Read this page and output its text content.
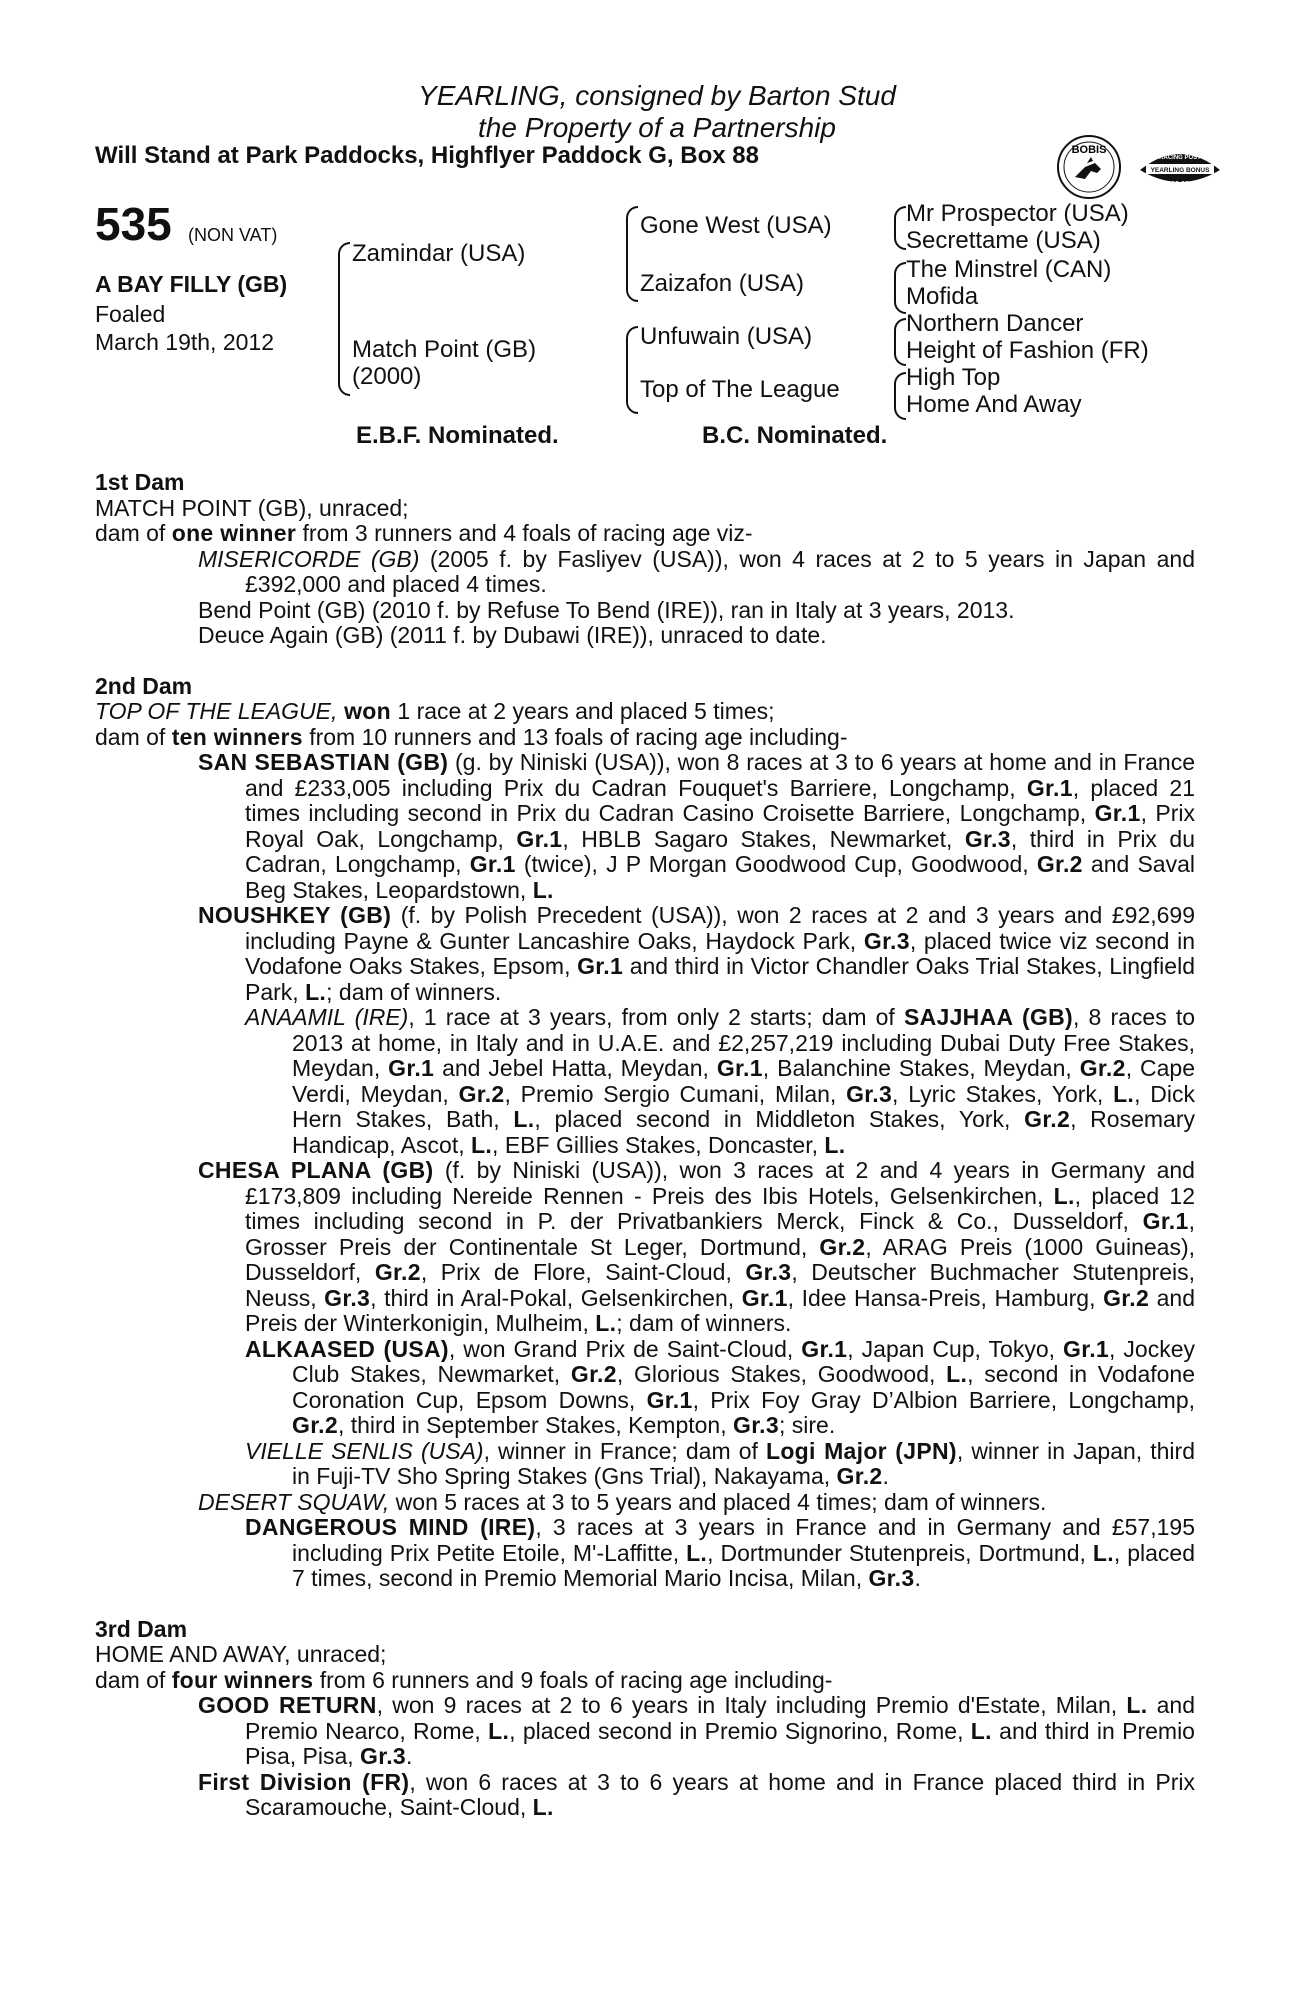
YEARLING, consigned by Barton Stud
the Property of a Partnership
Will Stand at Park Paddocks, Highflyer Paddock G, Box 88	BOBIS
RACING POST
YEARLING BONUS
£10,000
535 (NON VAT)
A BAY FILLY (GB)
Foaled
March 19th, 2012
Zamindar (USA)
Match Point (GB)
(2000)
Gone West (USA)
Zaizafon (USA)
Unfuwain (USA)
Top of The League
Mr Prospector (USA)
Secrettame (USA)
The Minstrel (CAN)
Mofida
Northern Dancer
Height of Fashion (FR)
High Top
Home And Away
E.B.F. Nominated.	B.C. Nominated.

1st Dam

MATCH POINT (GB), unraced;

dam of one winner from 3 runners and 4 foals of racing age viz-

MISERICORDE (GB) (2005 f. by Fasliyev (USA)), won 4 races at 2 to 5 years in Japan and £392,000 and placed 4 times.

Bend Point (GB) (2010 f. by Refuse To Bend (IRE)), ran in Italy at 3 years, 2013.

Deuce Again (GB) (2011 f. by Dubawi (IRE)), unraced to date.

2nd Dam

TOP OF THE LEAGUE, won 1 race at 2 years and placed 5 times;

dam of ten winners from 10 runners and 13 foals of racing age including-

SAN SEBASTIAN (GB) (g. by Niniski (USA)), won 8 races at 3 to 6 years at home and in France and £233,005 including Prix du Cadran Fouquet's Barriere, Longchamp, Gr.1, placed 21 times including second in Prix du Cadran Casino Croisette Barriere, Longchamp, Gr.1, Prix Royal Oak, Longchamp, Gr.1, HBLB Sagaro Stakes, Newmarket, Gr.3, third in Prix du Cadran, Longchamp, Gr.1 (twice), J P Morgan Goodwood Cup, Goodwood, Gr.2 and Saval Beg Stakes, Leopardstown, L.

NOUSHKEY (GB) (f. by Polish Precedent (USA)), won 2 races at 2 and 3 years and £92,699 including Payne & Gunter Lancashire Oaks, Haydock Park, Gr.3, placed twice viz second in Vodafone Oaks Stakes, Epsom, Gr.1 and third in Victor Chandler Oaks Trial Stakes, Lingfield Park, L.; dam of winners.

ANAAMIL (IRE), 1 race at 3 years, from only 2 starts; dam of SAJJHAA (GB), 8 races to 2013 at home, in Italy and in U.A.E. and £2,257,219 including Dubai Duty Free Stakes, Meydan, Gr.1 and Jebel Hatta, Meydan, Gr.1, Balanchine Stakes, Meydan, Gr.2, Cape Verdi, Meydan, Gr.2, Premio Sergio Cumani, Milan, Gr.3, Lyric Stakes, York, L., Dick Hern Stakes, Bath, L., placed second in Middleton Stakes, York, Gr.2, Rosemary Handicap, Ascot, L., EBF Gillies Stakes, Doncaster, L.

CHESA PLANA (GB) (f. by Niniski (USA)), won 3 races at 2 and 4 years in Germany and £173,809 including Nereide Rennen - Preis des Ibis Hotels, Gelsenkirchen, L., placed 12 times including second in P. der Privatbankiers Merck, Finck & Co., Dusseldorf, Gr.1, Grosser Preis der Continentale St Leger, Dortmund, Gr.2, ARAG Preis (1000 Guineas), Dusseldorf, Gr.2, Prix de Flore, Saint-Cloud, Gr.3, Deutscher Buchmacher Stutenpreis, Neuss, Gr.3, third in Aral-Pokal, Gelsenkirchen, Gr.1, Idee Hansa-Preis, Hamburg, Gr.2 and Preis der Winterkonigin, Mulheim, L.; dam of winners.

ALKAASED (USA), won Grand Prix de Saint-Cloud, Gr.1, Japan Cup, Tokyo, Gr.1, Jockey Club Stakes, Newmarket, Gr.2, Glorious Stakes, Goodwood, L., second in Vodafone Coronation Cup, Epsom Downs, Gr.1, Prix Foy Gray D’Albion Barriere, Longchamp, Gr.2, third in September Stakes, Kempton, Gr.3; sire.

VIELLE SENLIS (USA), winner in France; dam of Logi Major (JPN), winner in Japan, third in Fuji-TV Sho Spring Stakes (Gns Trial), Nakayama, Gr.2.

DESERT SQUAW, won 5 races at 3 to 5 years and placed 4 times; dam of winners.

DANGEROUS MIND (IRE), 3 races at 3 years in France and in Germany and £57,195 including Prix Petite Etoile, M'-Laffitte, L., Dortmunder Stutenpreis, Dortmund, L., placed 7 times, second in Premio Memorial Mario Incisa, Milan, Gr.3.

3rd Dam

HOME AND AWAY, unraced;

dam of four winners from 6 runners and 9 foals of racing age including-

GOOD RETURN, won 9 races at 2 to 6 years in Italy including Premio d'Estate, Milan, L. and Premio Nearco, Rome, L., placed second in Premio Signorino, Rome, L. and third in Premio Pisa, Pisa, Gr.3.

First Division (FR), won 6 races at 3 to 6 years at home and in France placed third in Prix Scaramouche, Saint-Cloud, L.
